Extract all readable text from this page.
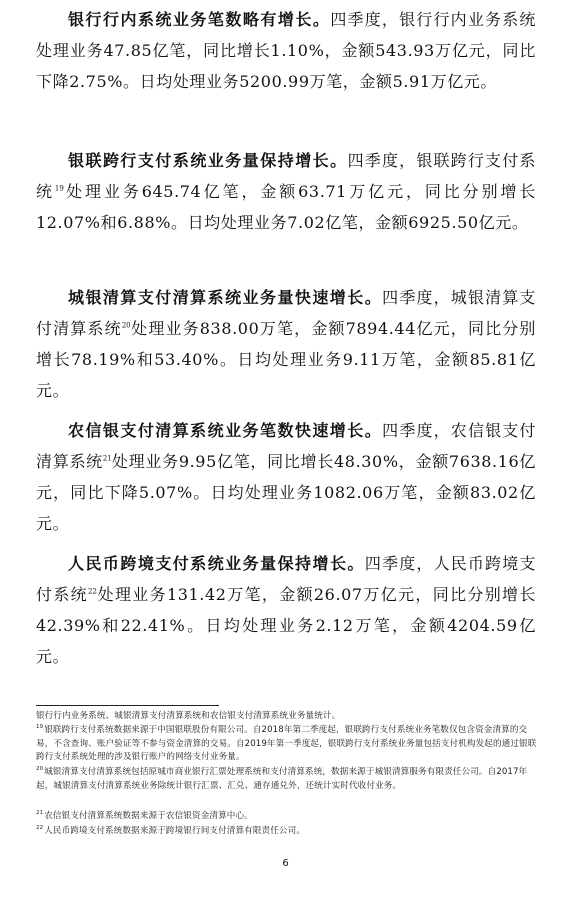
银行行内系统业务笔数略有增长。四季度，银行行内业务系统处理业务47.85亿笔，同比增长1.10%，金额543.93万亿元，同比下降2.75%。日均处理业务5200.99万笔，金额5.91万亿元。

银联跨行支付系统业务量保持增长。四季度，银联跨行支付系统$^{19}$处理业务645.74亿笔，金额63.71万亿元，同比分别增长12.07%和6.88%。日均处理业务7.02亿笔，金额6925.50亿元。

城银清算支付清算系统业务量快速增长。四季度，城银清算支付清算系统$^{20}$处理业务838.00万笔，金额7894.44亿元，同比分别增长78.19%和53.40%。日均处理业务9.11万笔，金额85.81亿元。

农信银支付清算系统业务笔数快速增长。四季度，农信银支付清算系统$^{21}$处理业务9.95亿笔，同比增长48.30%，金额7638.16亿元，同比下降5.07%。日均处理业务1082.06万笔，金额83.02亿元。

人民币跨境支付系统业务量保持增长。四季度，人民币跨境支付系统$^{22}$处理业务131.42万笔，金额26.07万亿元，同比分别增长42.39%和22.41%。日均处理业务2.12万笔，金额4204.59亿元。

银行行内业务系统、城银清算支付清算系统和农信银支付清算系统业务量统计。

$^{19}$银联跨行支付系统数据来源于中国银联股份有限公司。自2018年第二季度起，银联跨行支付系统业务笔数仅包含资金清算的交易，不含查询、账户验证等不参与资金清算的交易。自2019年第一季度起，银联跨行支付系统业务量包括支付机构发起的通过银联跨行支付系统处理的涉及银行账户的网络支付业务量。

$^{20}$城银清算支付清算系统包括原城市商业银行汇票处理系统和支付清算系统，数据来源于城银清算服务有限责任公司。自2017年起，城银清算支付清算系统业务除统计银行汇票、汇兑、通存通兑外，还统计实时代收付业务。

$^{21}$农信银支付清算系统数据来源于农信银资金清算中心。

$^{22}$人民币跨境支付系统数据来源于跨境银行间支付清算有限责任公司。

6
